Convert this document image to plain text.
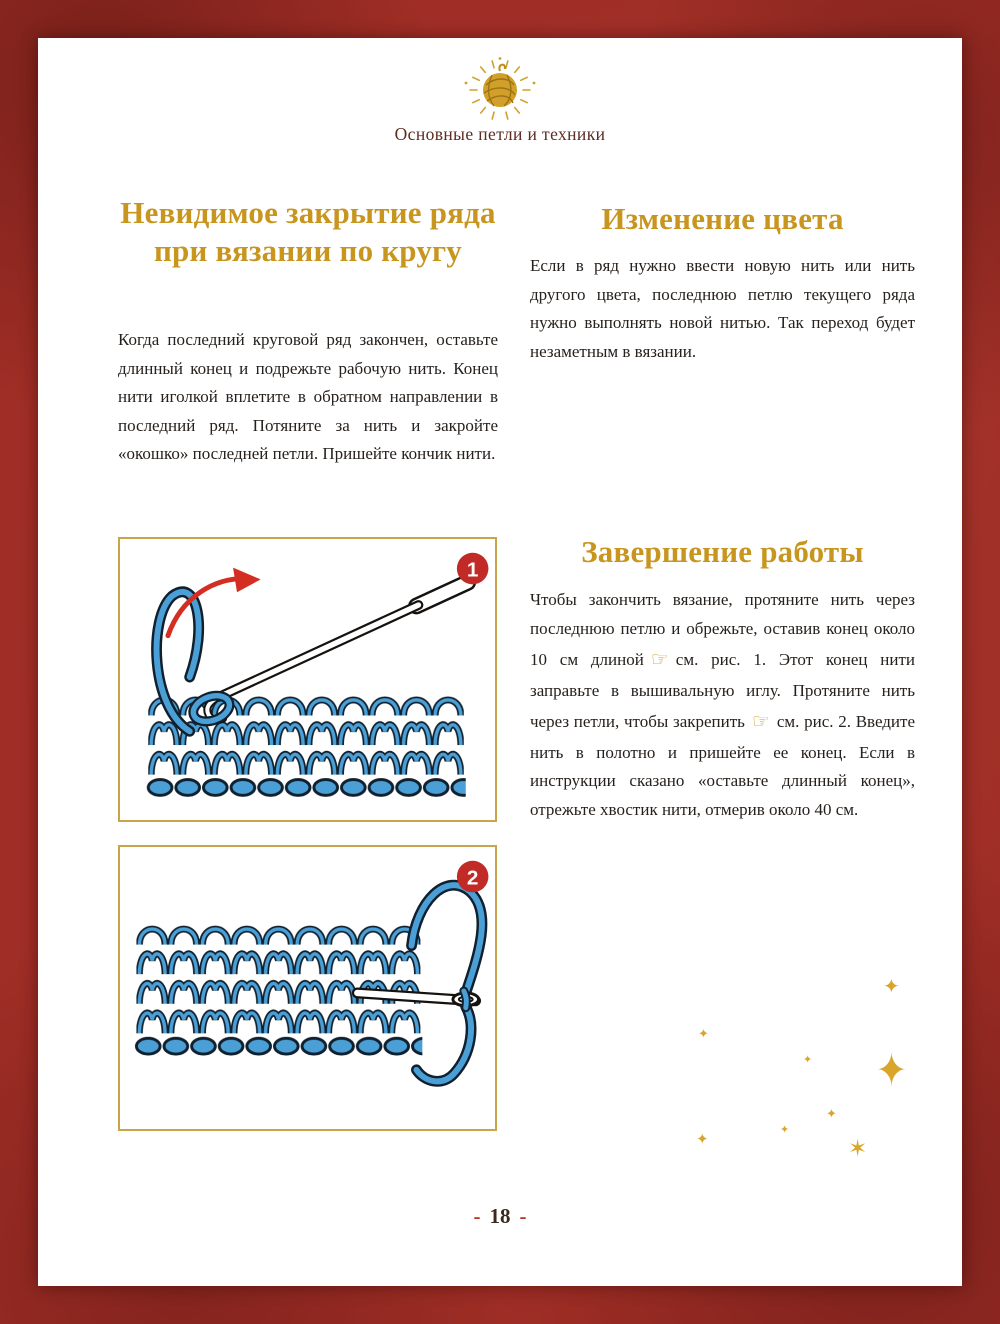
Основные петли и техники
Невидимое закрытие ряда при вязании по кругу

Когда последний круговой ряд закончен, оставьте длинный конец и подрежьте рабочую нить. Конец нити иголкой вплетите в обратном направлении в последний ряд. Потяните за нить и закройте «окошко» последней петли. Пришейте кончик нити.

1
2
Изменение цвета

Если в ряд нужно ввести новую нить или нить другого цвета, последнюю петлю текущего ряда нужно выполнять новой нитью. Так переход будет незаметным в вязании.

Завершение работы

Чтобы закончить вязание, протяните нить через последнюю петлю и обрежьте, оставив конец около 10 см длиной ☞ см. рис. 1. Этот конец нити заправьте в вышивальную иглу. Протяните нить через петли, чтобы закрепить ☞ см. рис. 2. Введите нить в полотно и пришейте ее конец. Если в инструкции сказано «оставьте длинный конец», отрежьте хвостик нити, отмерив около 40 см.

✦
✦
✦ ✦
✦
✦
✦
✶
- 18 -
